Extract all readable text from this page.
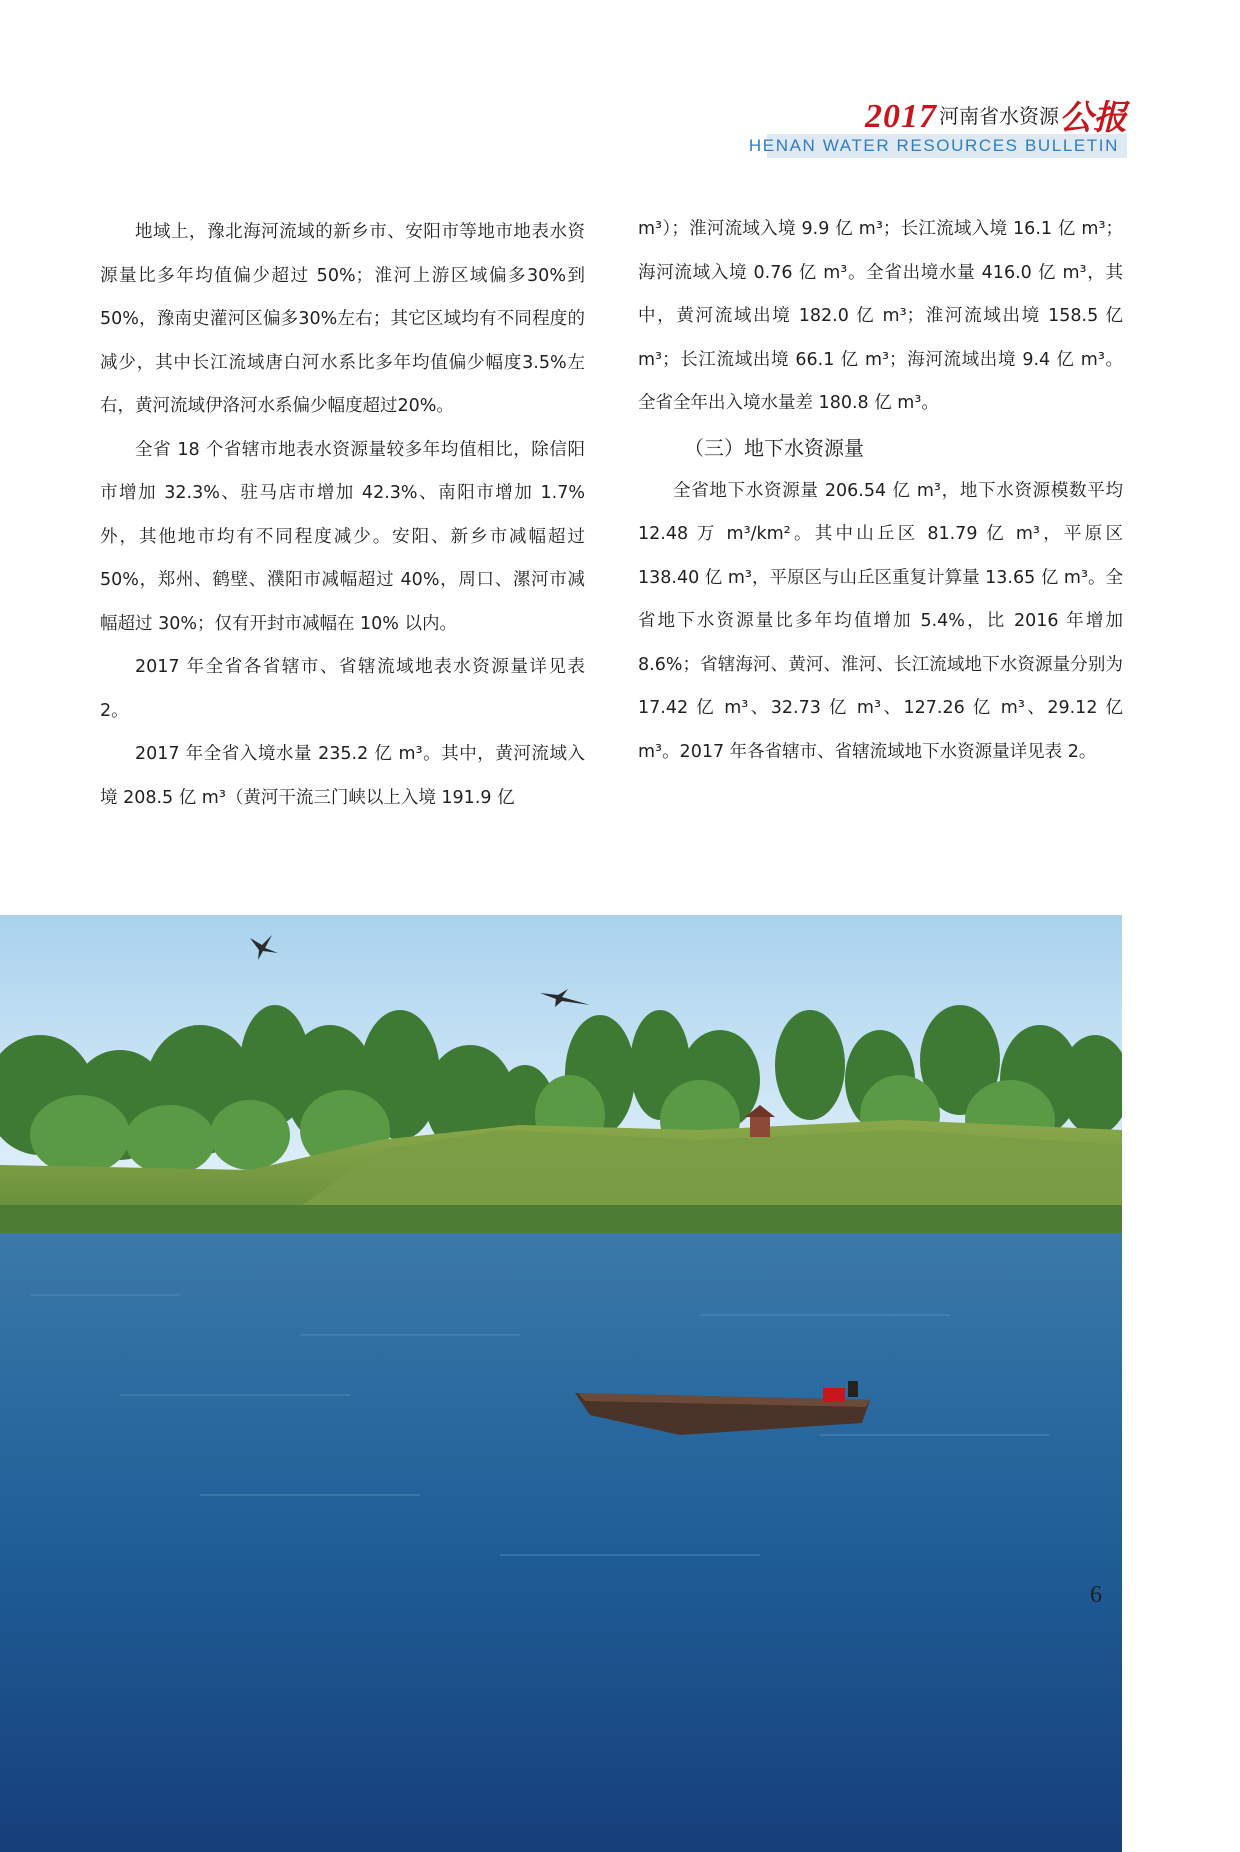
2017 河南省水资源公报
HENAN WATER RESOURCES BULLETIN

地域上，豫北海河流域的新乡市、安阳市等地市地表水资源量比多年均值偏少超过 50%；淮河上游区域偏多30%到50%，豫南史灌河区偏多30%左右；其它区域均有不同程度的减少，其中长江流域唐白河水系比多年均值偏少幅度3.5%左右，黄河流域伊洛河水系偏少幅度超过20%。

全省 18 个省辖市地表水资源量较多年均值相比，除信阳市增加 32.3%、驻马店市增加 42.3%、南阳市增加 1.7% 外，其他地市均有不同程度减少。安阳、新乡市减幅超过 50%，郑州、鹤壁、濮阳市减幅超过 40%，周口、漯河市减幅超过 30%；仅有开封市减幅在 10% 以内。

2017 年全省各省辖市、省辖流域地表水资源量详见表 2。

2017 年全省入境水量 235.2 亿 m³。其中，黄河流域入境 208.5 亿 m³（黄河干流三门峡以上入境 191.9 亿

m³）；淮河流域入境 9.9 亿 m³；长江流域入境 16.1 亿 m³；海河流域入境 0.76 亿 m³。全省出境水量 416.0 亿 m³，其中，黄河流域出境 182.0 亿 m³；淮河流域出境 158.5 亿 m³；长江流域出境 66.1 亿 m³；海河流域出境 9.4 亿 m³。全省全年出入境水量差 180.8 亿 m³。

（三）地下水资源量

全省地下水资源量 206.54 亿 m³，地下水资源模数平均 12.48 万 m³/km²。其中山丘区 81.79 亿 m³，平原区 138.40 亿 m³，平原区与山丘区重复计算量 13.65 亿 m³。全省地下水资源量比多年均值增加 5.4%，比 2016 年增加 8.6%；省辖海河、黄河、淮河、长江流域地下水资源量分别为 17.42 亿 m³、32.73 亿 m³、127.26 亿 m³、29.12 亿 m³。2017 年各省辖市、省辖流域地下水资源量详见表 2。

6
